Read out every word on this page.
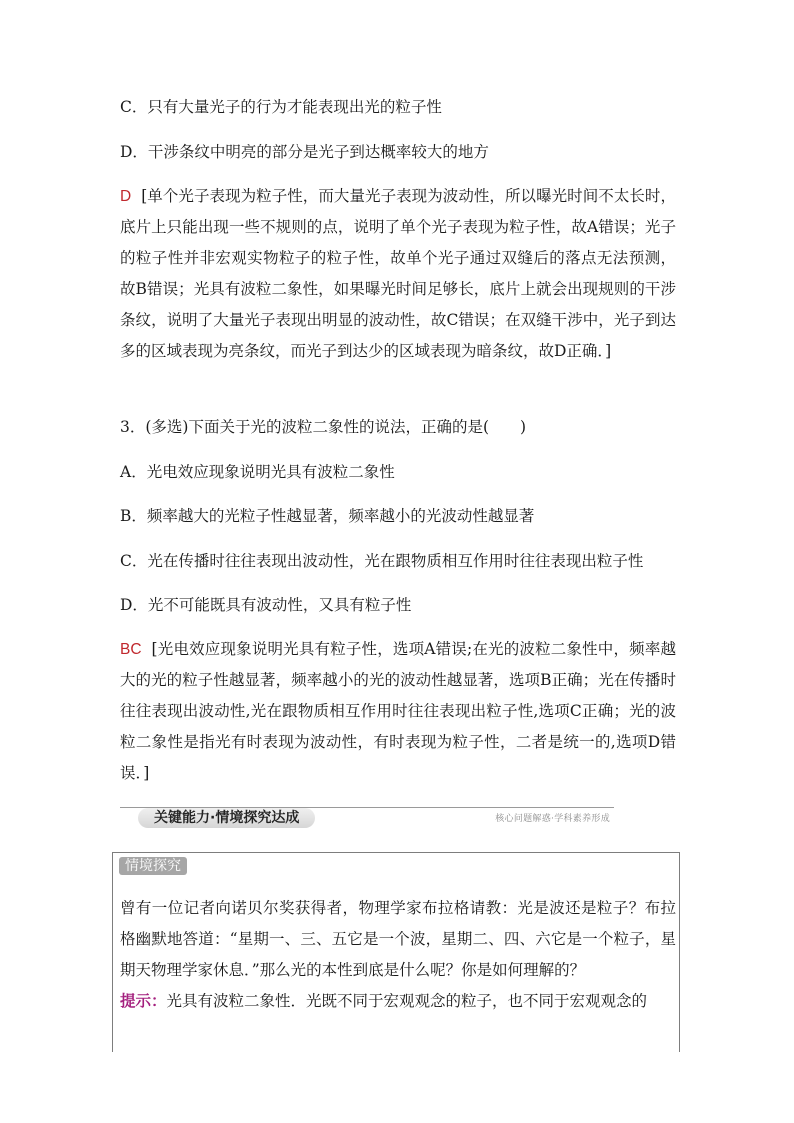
C．只有大量光子的行为才能表现出光的粒子性
D．干涉条纹中明亮的部分是光子到达概率较大的地方
D [单个光子表现为粒子性，而大量光子表现为波动性，所以曝光时间不太长时，底片上只能出现一些不规则的点，说明了单个光子表现为粒子性，故A错误；光子的粒子性并非宏观实物粒子的粒子性，故单个光子通过双缝后的落点无法预测，故B错误；光具有波粒二象性，如果曝光时间足够长，底片上就会出现规则的干涉条纹，说明了大量光子表现出明显的波动性，故C错误；在双缝干涉中，光子到达多的区域表现为亮条纹，而光子到达少的区域表现为暗条纹，故D正确．]
3．(多选)下面关于光的波粒二象性的说法，正确的是(　　)
A．光电效应现象说明光具有波粒二象性
B．频率越大的光粒子性越显著，频率越小的光波动性越显著
C．光在传播时往往表现出波动性，光在跟物质相互作用时往往表现出粒子性
D．光不可能既具有波动性，又具有粒子性
BC [光电效应现象说明光具有粒子性，选项A错误;在光的波粒二象性中，频率越大的光的粒子性越显著，频率越小的光的波动性越显著，选项B正确；光在传播时往往表现出波动性,光在跟物质相互作用时往往表现出粒子性,选项C正确；光的波粒二象性是指光有时表现为波动性，有时表现为粒子性，二者是统一的,选项D错误．]
关键能力·情境探究达成	核心问题解惑·学科素养形成
情境探究
曾有一位记者向诺贝尔奖获得者，物理学家布拉格请教：光是波还是粒子？布拉格幽默地答道：“星期一、三、五它是一个波，星期二、四、六它是一个粒子，星期天物理学家休息．”那么光的本性到底是什么呢？你是如何理解的？
提示：光具有波粒二象性．光既不同于宏观观念的粒子，也不同于宏观观念的
